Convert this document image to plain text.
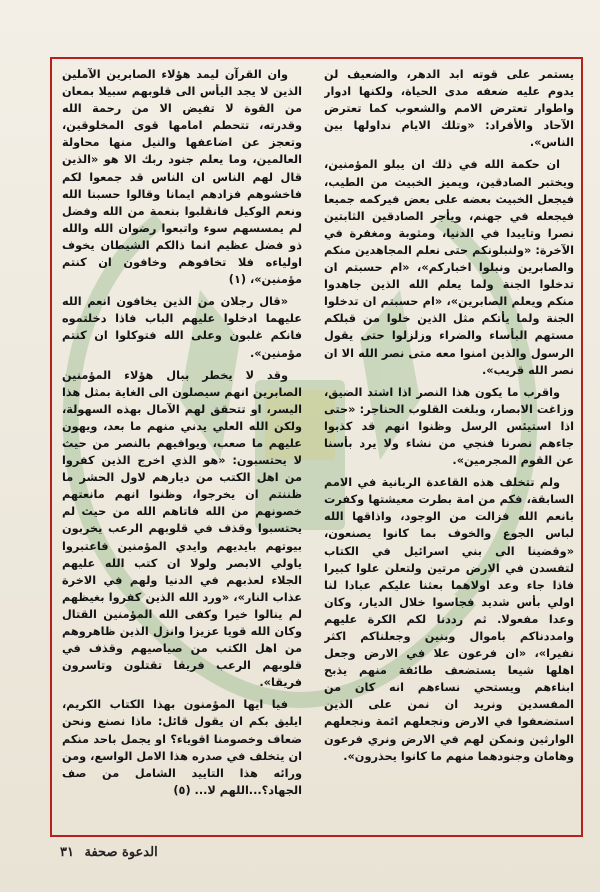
يستمر على قوته ابد الدهر، والضعيف لن يدوم عليه ضعفه مدى الحياة، ولكنها ادوار واطوار تعترض الامم والشعوب كما تعترض الآحاد والأفراد: «وتلك الايام نداولها بين الناس».

ان حكمة الله في ذلك ان يبلو المؤمنين، ويختبر الصادقين، ويميز الخبيث من الطيب، فيجعل الخبيث بعضه على بعض فيركمه جميعا فيجعله في جهنم، ويأجر الصادقين الثابتين نصرا وتاييدا في الدنيا، ومثوبة ومغفرة في الآخرة: «ولنبلونكم حتى نعلم المجاهدين منكم والصابرين ونبلوا اخباركم»، «ام حسبتم ان تدخلوا الجنة ولما يعلم الله الذين جاهدوا منكم ويعلم الصابرين»، «ام حسبتم ان تدخلوا الجنة ولما يأتكم مثل الذين خلوا من قبلكم مستهم البأساء والضراء وزلزلوا حتى يقول الرسول والذين امنوا معه متى نصر الله الا ان نصر الله قريب».

واقرب ما يكون هذا النصر اذا اشتد الضيق، وزاغت الابصار، وبلغت القلوب الحناجر: «حتى اذا استيئس الرسل وظنوا انهم قد كذبوا جاءهم نصرنا فنجي من نشاء ولا يرد بأسنا عن القوم المجرمين».

ولم تتخلف هذه القاعدة الربانية في الامم السابقة، فكم من امة بطرت معيشتها وكفرت بانعم الله فزالت من الوجود، واذاقها الله لباس الجوع والخوف بما كانوا يصنعون، «وقضينا الى بني اسرائيل في الكتاب لتفسدن في الارض مرتين ولتعلن علوا كبيرا فاذا جاء وعد اولاهما بعثنا عليكم عبادا لنا اولي بأس شديد فجاسوا خلال الديار، وكان وعدا مفعولا. ثم رددنا لكم الكرة عليهم وامددناكم باموال وبنين وجعلناكم اكثر نفيرا»، «ان فرعون علا في الارض وجعل اهلها شيعا يستضعف طائفة منهم يذبح ابناءهم ويستحي نساءهم انه كان من المفسدين ونريد ان نمن على الذين استضعفوا في الارض ونجعلهم ائمة ونجعلهم الوارثين ونمكن لهم في الارض ونري فرعون وهامان وجنودهما منهم ما كانوا يحذرون».

وان القرآن ليمد هؤلاء الصابرين الآملين الذين لا يجد اليأس الى قلوبهم سبيلا بمعان من القوة لا تفيض الا من رحمة الله وقدرته، تتحطم امامها قوى المخلوقين، وتعجز عن اضاعفها والنيل منها محاولة العالمين، وما يعلم جنود ربك الا هو «الذين قال لهم الناس ان الناس قد جمعوا لكم فاخشوهم فزادهم ايمانا وقالوا حسبنا الله ونعم الوكيل فانقلبوا بنعمة من الله وفضل لم يمسسهم سوء واتبعوا رضوان الله والله ذو فضل عظيم انما ذالكم الشيطان يخوف اولياءه فلا تخافوهم وخافون ان كنتم مؤمنين»، (١)

«قال رجلان من الذين يخافون انعم الله عليهما ادخلوا عليهم الباب فاذا دخلتموه فانكم غلبون وعلى الله فتوكلوا ان كنتم مؤمنين».

وقد لا يخطر ببال هؤلاء المؤمنين الصابرين انهم سيصلون الى الغاية بمثل هذا اليسر، او تتحقق لهم الآمال بهذه السهولة، ولكن الله العلي يدني منهم ما بعد، ويهون عليهم ما صعب، ويوافيهم بالنصر من حيث لا يحتسبون: «هو الذي اخرج الذين كفروا من اهل الكتب من ديارهم لاول الحشر ما ظننتم ان يخرجوا، وظنوا انهم مانعتهم خصونهم من الله فاتاهم الله من حيث لم يحتسبوا وقذف في قلوبهم الرعب يخربون بيوتهم بايديهم وايدي المؤمنين فاعتبروا ياولي الابصر ولولا ان كتب الله عليهم الجلاء لعذبهم في الدنيا ولهم في الاخرة عذاب النار»، «ورد الله الذين كفروا بغيظهم لم ينالوا خيرا وكفى الله المؤمنين القتال وكان الله قويا عزيزا وانزل الذين ظاهروهم من اهل الكتب من صياصيهم وقذف في قلوبهم الرعب فريقا تقتلون وتاسرون فريقا».

فيا ايها المؤمنون بهذا الكتاب الكريم، ايليق بكم ان يقول قائل: ماذا نصنع ونحن ضعاف وخصومنا اقوياء؟ او يجمل باحد منكم ان يتخلف في صدره هذا الامل الواسع، ومن ورائه هذا التاييد الشامل من صف الجهاد؟...اللهم لا... (٥)

الدعوة صحفة ٣١
